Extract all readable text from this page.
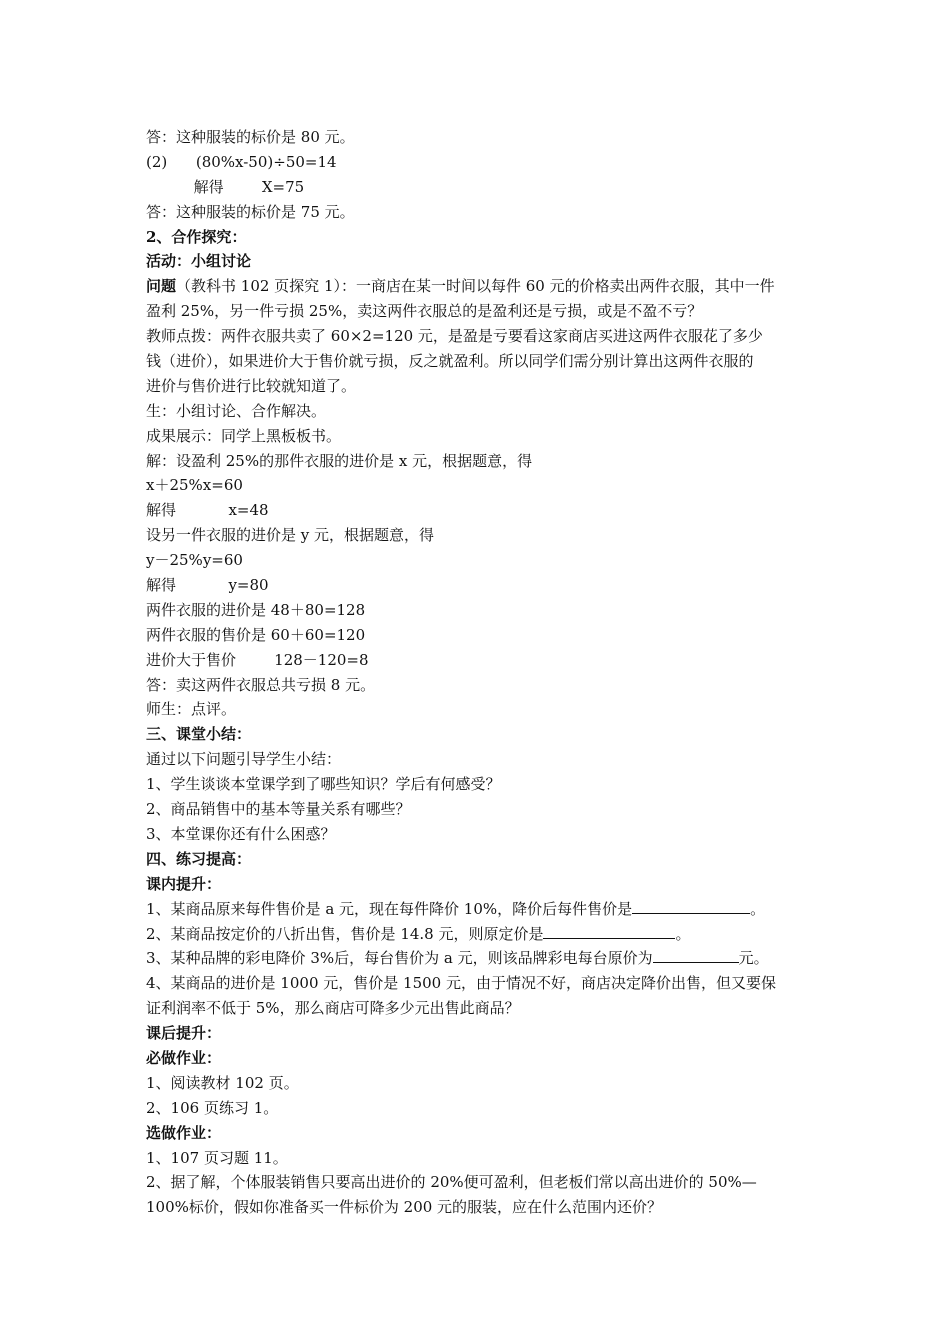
答：这种服装的标价是 80 元。
(2)      (80%x-50)÷50=14
解得        X=75
答：这种服装的标价是 75 元。
2、合作探究：
活动：小组讨论
问题（教科书 102 页探究 1）：一商店在某一时间以每件 60 元的价格卖出两件衣服，其中一件
盈利 25%，另一件亏损 25%，卖这两件衣服总的是盈利还是亏损，或是不盈不亏？
教师点拨：两件衣服共卖了 60×2=120 元，是盈是亏要看这家商店买进这两件衣服花了多少
钱（进价），如果进价大于售价就亏损，反之就盈利。所以同学们需分别计算出这两件衣服的
进价与售价进行比较就知道了。
生：小组讨论、合作解决。
成果展示：同学上黑板板书。
解：设盈利 25%的那件衣服的进价是 x 元，根据题意，得
x＋25%x=60
解得           x=48
设另一件衣服的进价是 y 元，根据题意，得
y－25%y=60
解得           y=80
两件衣服的进价是 48＋80=128
两件衣服的售价是 60＋60=120
进价大于售价        128－120=8
答：卖这两件衣服总共亏损 8 元。
师生：点评。
三、课堂小结：
通过以下问题引导学生小结：
1、学生谈谈本堂课学到了哪些知识？学后有何感受？
2、商品销售中的基本等量关系有哪些？
3、本堂课你还有什么困惑？
四、练习提高：
课内提升：
1、某商品原来每件售价是 a 元，现在每件降价 10%，降价后每件售价是	。
2、某商品按定价的八折出售，售价是 14.8 元，则原定价是	。
3、某种品牌的彩电降价 3%后，每台售价为 a 元，则该品牌彩电每台原价为	元。
4、某商品的进价是 1000 元，售价是 1500 元，由于情况不好，商店决定降价出售，但又要保
证利润率不低于 5%，那么商店可降多少元出售此商品？
课后提升：
必做作业：
1、阅读教材 102 页。
2、106 页练习 1。
选做作业：
1、107 页习题 11。
2、据了解，个体服装销售只要高出进价的 20%便可盈利，但老板们常以高出进价的 50%—
100%标价，假如你准备买一件标价为 200 元的服装，应在什么范围内还价？
